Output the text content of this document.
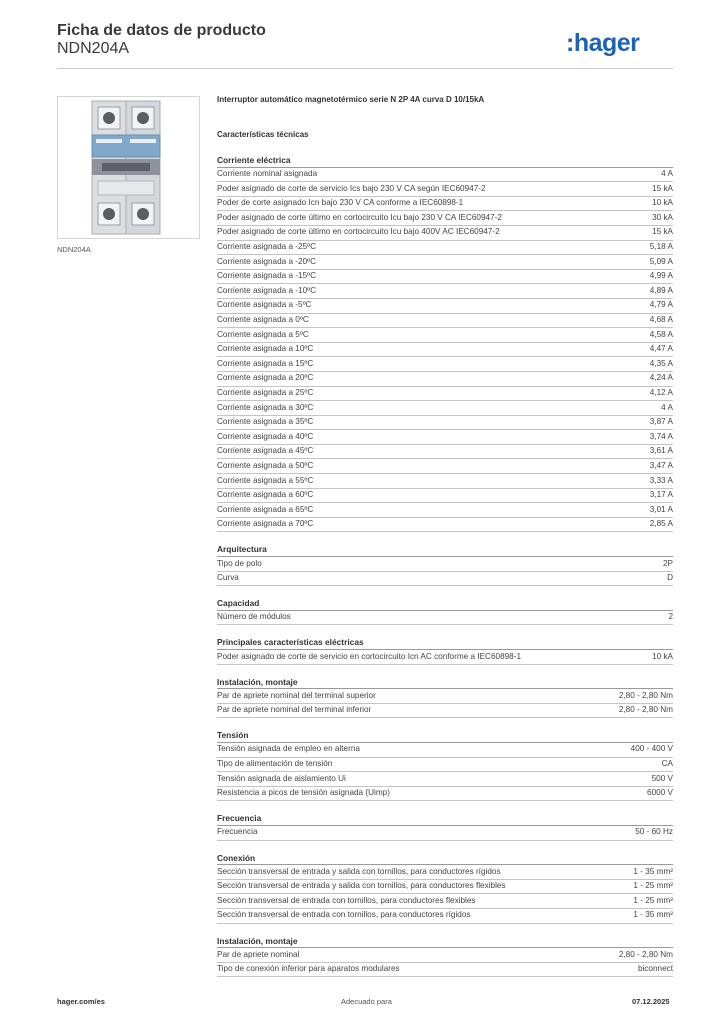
Ficha de datos de producto
NDN204A	:hager
NDN204A
Interruptor automático magnetotérmico serie N 2P 4A curva D 10/15kA
Características técnicas
Corriente eléctrica
Corriente nominal asignada	4 A
Poder asignado de corte de servicio Ics bajo 230 V CA según IEC60947-2	15 kA
Poder de corte asignado Icn bajo 230 V CA conforme a IEC60898-1	10 kA
Poder asignado de corte último en cortocircuito Icu bajo 230 V CA IEC60947-2	30 kA
Poder asignado de corte último en cortocircuito Icu bajo 400V AC IEC60947-2	15 kA
Corriente asignada a -25ºC	5,18 A
Corriente asignada a -20ºC	5,09 A
Corriente asignada a -15ºC	4,99 A
Corriente asignada a -10ºC	4,89 A
Corriente asignada a -5ºC	4,79 A
Corriente asignada a 0ºC	4,68 A
Corriente asignada a 5ºC	4,58 A
Corriente asignada a 10ºC	4,47 A
Corriente asignada a 15ºC	4,35 A
Corriente asignada a 20ºC	4,24 A
Corriente asignada a 25ºC	4,12 A
Corriente asignada a 30ºC	4 A
Corriente asignada a 35ºC	3,87 A
Corriente asignada a 40ºC	3,74 A
Corriente asignada a 45ºC	3,61 A
Corriente asignada a 50ºC	3,47 A
Corriente asignada a 55ºC	3,33 A
Corriente asignada a 60ºC	3,17 A
Corriente asignada a 65ºC	3,01 A
Corriente asignada a 70ºC	2,85 A
Arquitectura
Tipo de polo	2P
Curva	D
Capacidad
Número de módulos	2
Principales características eléctricas
Poder asignado de corte de servicio en cortocircuito Icn AC conforme a IEC60898-1	10 kA
Instalación, montaje
Par de apriete nominal del terminal superior	2,80 - 2,80 Nm
Par de apriete nominal del terminal inferior	2,80 - 2,80 Nm
Tensión
Tensión asignada de empleo en alterna	400 - 400 V
Tipo de alimentación de tensión	CA
Tensión asignada de aislamiento Ui	500 V
Resistencia a picos de tensión asignada (Uimp)	6000 V
Frecuencia
Frecuencia	50 - 60 Hz
Conexión
Sección transversal de entrada y salida con tornillos, para conductores rígidos	1 - 35 mm²
Sección transversal de entrada y salida con tornillos, para conductores flexibles	1 - 25 mm²
Sección transversal de entrada con tornillos, para conductores flexibles	1 - 25 mm²
Sección transversal de entrada con tornillos, para conductores rígidos	1 - 35 mm²
Instalación, montaje
Par de apriete nominal	2,80 - 2,80 Nm
Tipo de conexión inferior para aparatos modulares	biconnect
hager.com/es	Adecuado para	07.12.2025
